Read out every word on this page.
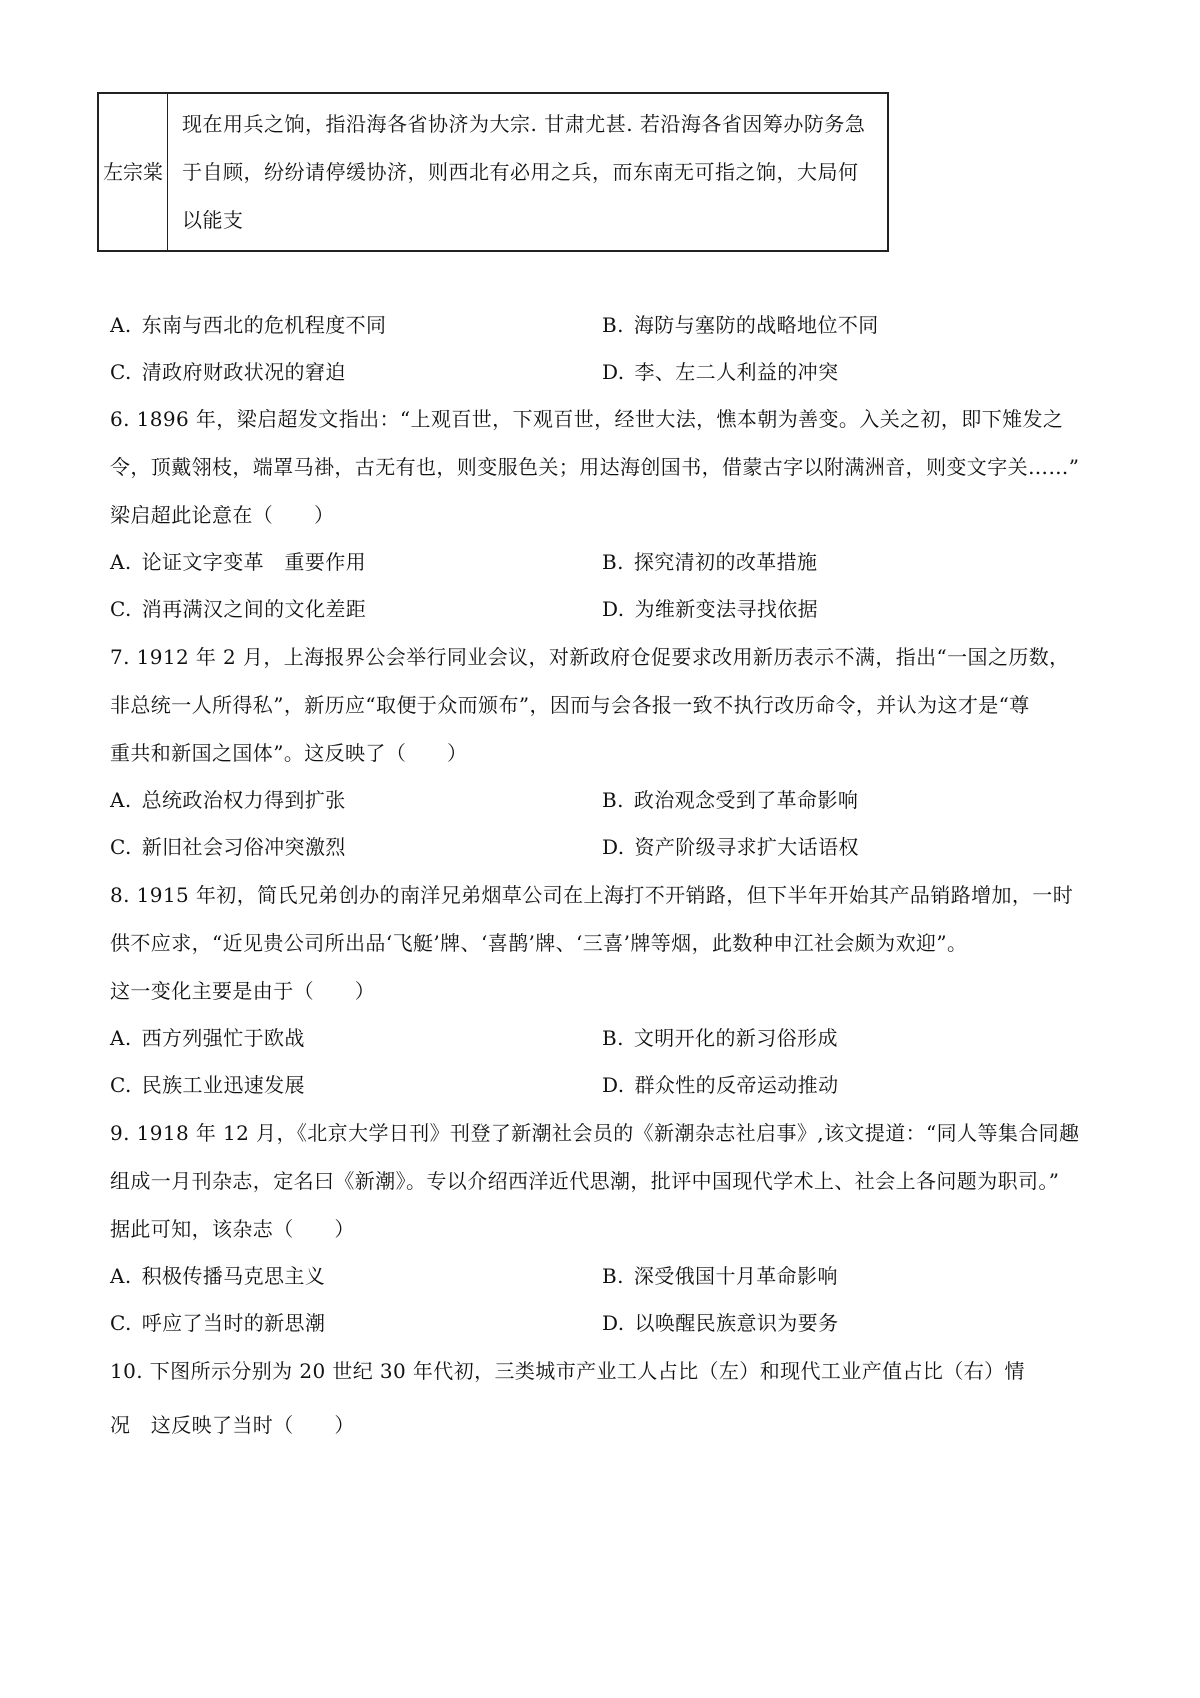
左宗棠	现在用兵之饷，指沿海各省协济为大宗. 甘肃尤甚. 若沿海各省因筹办防务急于自顾，纷纷请停缓协济，则西北有必用之兵，而东南无可指之饷，大局何以能支
A. 东南与西北的危机程度不同	B. 海防与塞防的战略地位不同
C. 清政府财政状况的窘迫	D. 李、左二人利益的冲突
6. 1896 年，梁启超发文指出：“上观百世，下观百世，经世大法，憔本朝为善变。入关之初，即下雉发之
令，顶戴翎枝，端罩马褂，古无有也，则变服色关；用达海创国书，借蒙古字以附满洲音，则变文字关……”
梁启超此论意在（　　）
A. 论证文字变革　重要作用	B. 探究清初的改革措施
C. 消再满汉之间的文化差距	D. 为维新变法寻找依据
7. 1912 年 2 月，上海报界公会举行同业会议，对新政府仓促要求改用新历表示不满，指出“一国之历数，
非总统一人所得私”，新历应“取便于众而颁布”，因而与会各报一致不执行改历命令，并认为这才是“尊
重共和新国之国体”。这反映了（　　）
A. 总统政治权力得到扩张	B. 政治观念受到了革命影响
C. 新旧社会习俗冲突激烈	D. 资产阶级寻求扩大话语权
8. 1915 年初，简氏兄弟创办的南洋兄弟烟草公司在上海打不开销路，但下半年开始其产品销路增加，一时
供不应求，“近见贵公司所出品‘飞艇’牌、‘喜鹊’牌、‘三喜’牌等烟，此数种申江社会颇为欢迎”。
这一变化主要是由于（　　）
A. 西方列强忙于欧战	B. 文明开化的新习俗形成
C. 民族工业迅速发展	D. 群众性的反帝运动推动
9. 1918 年 12 月，《北京大学日刊》刊登了新潮社会员的《新潮杂志社启事》,该文提道：“同人等集合同趣
组成一月刊杂志，定名曰《新潮》。专以介绍西洋近代思潮，批评中国现代学术上、社会上各问题为职司。”
据此可知，该杂志（　　）
A. 积极传播马克思主义	B. 深受俄国十月革命影响
C. 呼应了当时的新思潮	D. 以唤醒民族意识为要务
10. 下图所示分别为 20 世纪 30 年代初，三类城市产业工人占比（左）和现代工业产值占比（右）情
况　这反映了当时（　　）
